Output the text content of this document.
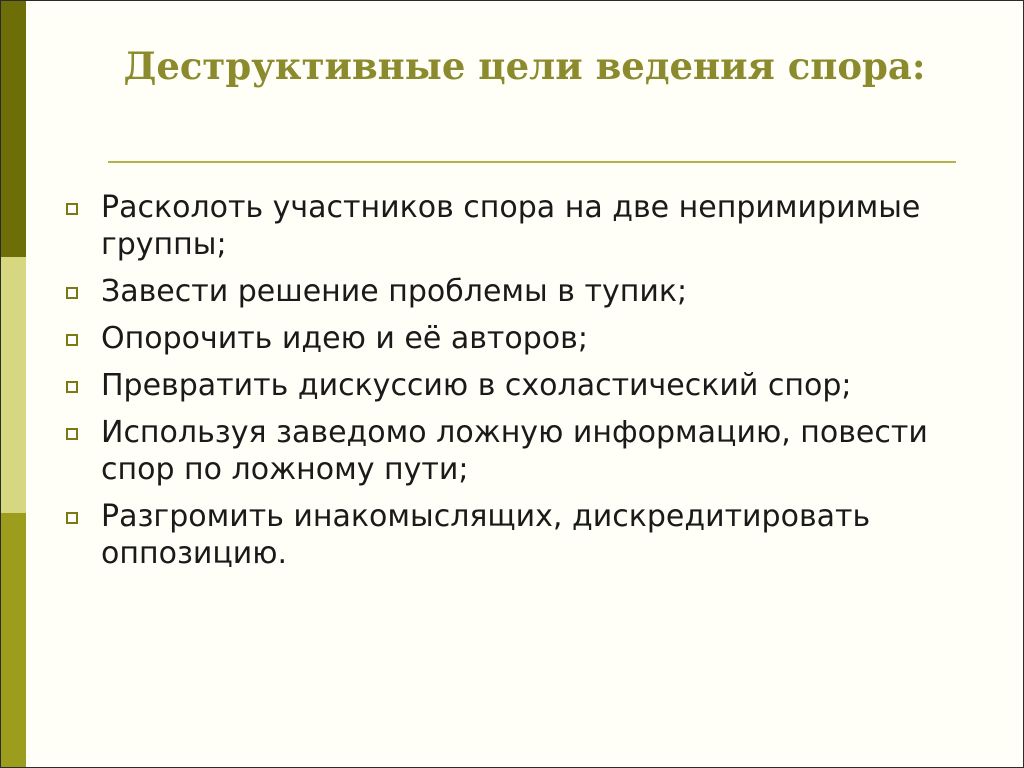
Деструктивные цели ведения спора:
Расколоть участников спора на две непримиримые группы;
Завести решение проблемы в тупик;
Опорочить идею и её авторов;
Превратить дискуссию в схоластический спор;
Используя заведомо ложную информацию, повести спор по ложному пути;
Разгромить инакомыслящих, дискредитировать оппозицию.
